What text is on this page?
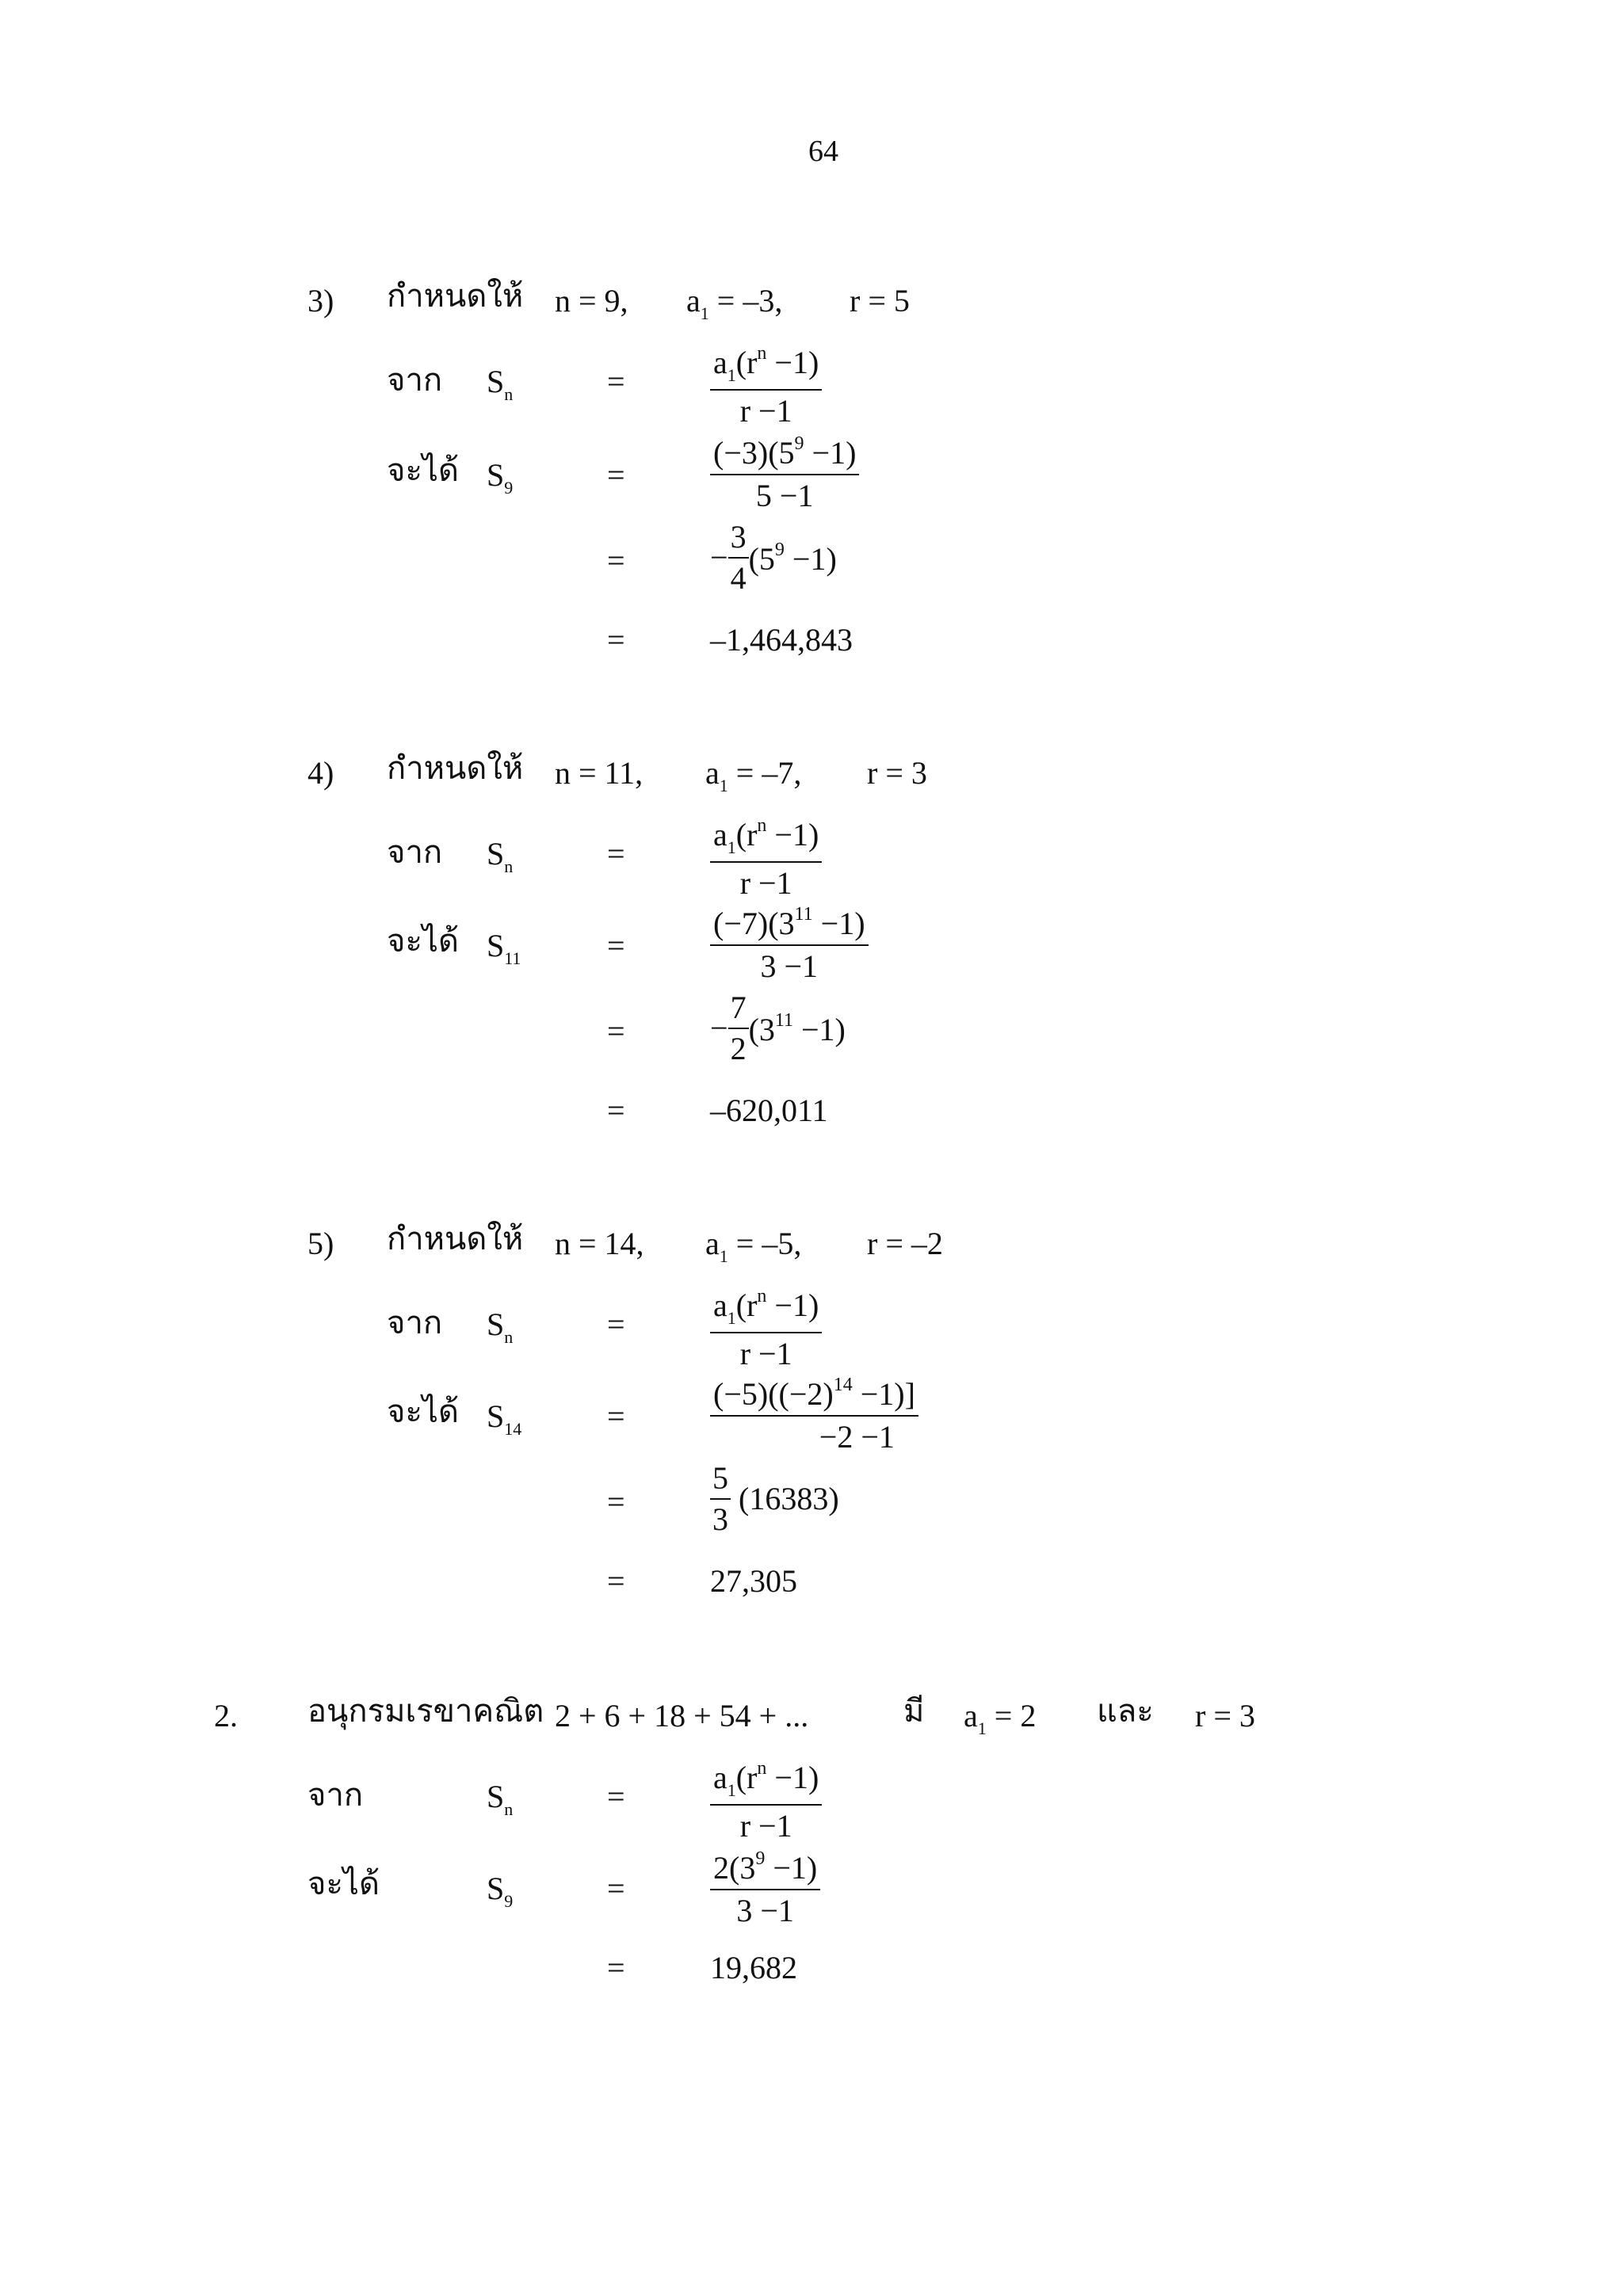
64
3) กำหนดให้ n = 9, $a_1 = -3$, r = 5
จาก $S_n$	=	$\frac{a_1(r^n -1)}{r -1}$
จะได้ $S_9$	=	$\frac{(-3)(5^9 -1)}{5 -1}$
=	− $\frac{3}{4} (5^9 -1)$
=	–1,464,843
4) กำหนดให้ n = 11, $a_1 = -7$, r = 3
จาก $S_n$	=	$\frac{a_1(r^n -1)}{r -1}$
จะได้ $S_{11}$	=	$\frac{(-7)(3^{11} -1)}{3 -1}$
=	− $\frac{7}{2} (3^{11} -1)$
=	–620,011
5) กำหนดให้ n = 14, $a_1 = -5$, r = –2
จาก $S_n$	=	$\frac{a_1(r^n -1)}{r -1}$
จะได้ $S_{14}$	=	$\frac{(-5)((-2)^{14} -1)]}{-2 -1}$
=	$\frac{5}{3} (16383)$
=	27,305
2. อนุกรมเรขาคณิต 2 + 6 + 18 + 54 + ...	มี $a_1 = 2$ และ r = 3
จาก	$S_n$	=	$\frac{a_1(r^n -1)}{r -1}$
จะได้	$S_9$	=	$\frac{2(3^9 -1)}{3 -1}$
=	19,682
